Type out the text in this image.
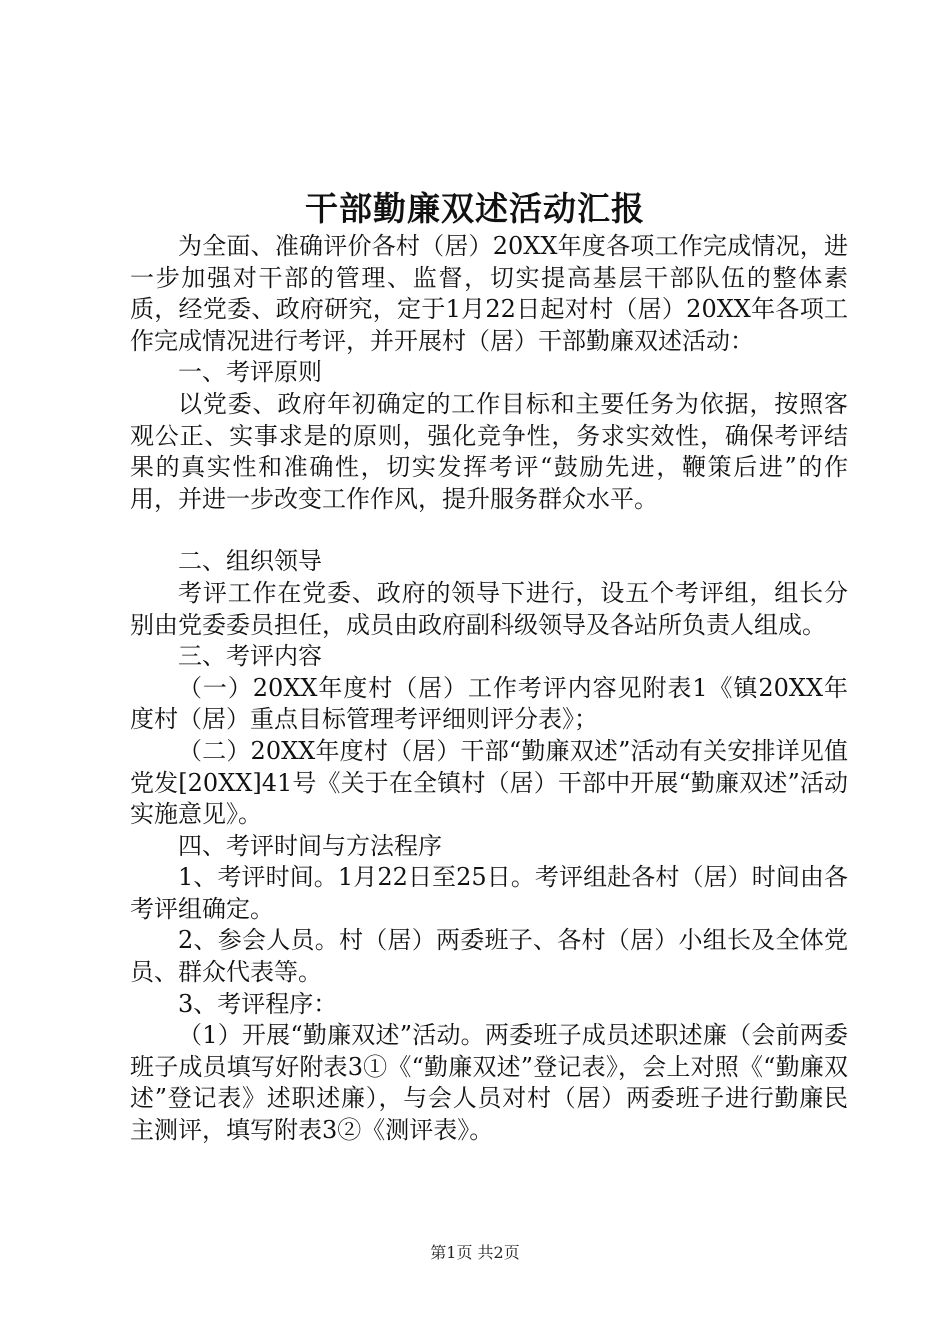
干部勤廉双述活动汇报

为全面、准确评价各村（居）20XX年度各项工作完成情况，进一步加强对干部的管理、监督，切实提高基层干部队伍的整体素质，经党委、政府研究，定于1月22日起对村（居）20XX年各项工作完成情况进行考评，并开展村（居）干部勤廉双述活动：

一、考评原则

以党委、政府年初确定的工作目标和主要任务为依据，按照客观公正、实事求是的原则，强化竞争性，务求实效性，确保考评结果的真实性和准确性，切实发挥考评“鼓励先进，鞭策后进”的作用，并进一步改变工作作风，提升服务群众水平。

二、组织领导

考评工作在党委、政府的领导下进行，设五个考评组，组长分别由党委委员担任，成员由政府副科级领导及各站所负责人组成。

三、考评内容

（一）20XX年度村（居）工作考评内容见附表1《镇20XX年度村（居）重点目标管理考评细则评分表》；

（二）20XX年度村（居）干部“勤廉双述”活动有关安排详见值党发[20XX]41号《关于在全镇村（居）干部中开展“勤廉双述”活动实施意见》。

四、考评时间与方法程序

1、考评时间。1月22日至25日。考评组赴各村（居）时间由各考评组确定。

2、参会人员。村（居）两委班子、各村（居）小组长及全体党员、群众代表等。

3、考评程序：

（1）开展“勤廉双述”活动。两委班子成员述职述廉（会前两委班子成员填写好附表3①《“勤廉双述”登记表》，会上对照《“勤廉双述”登记表》述职述廉），与会人员对村（居）两委班子进行勤廉民主测评，填写附表3②《测评表》。

第1页 共2页
